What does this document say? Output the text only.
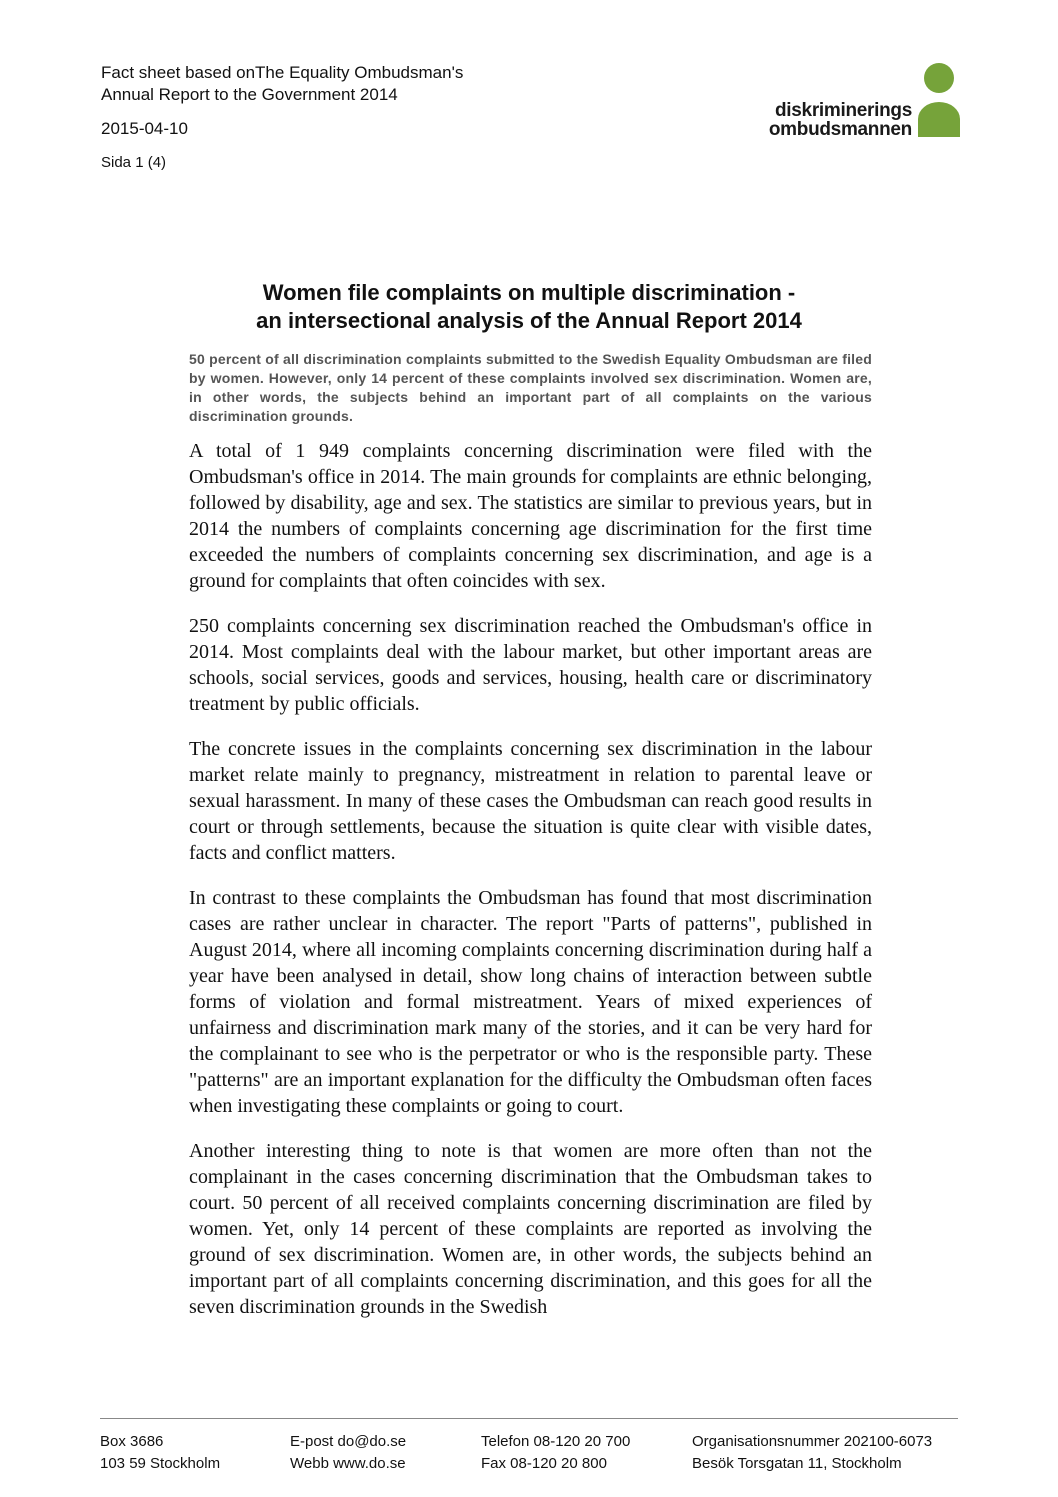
Fact sheet based onThe Equality Ombudsman's
Annual Report to the Government 2014
2015-04-10
Sida 1 (4)
diskriminerings
ombudsmannen
Women file complaints on multiple discrimination -
an intersectional analysis of the Annual Report 2014

50 percent of all discrimination complaints submitted to the Swedish Equality Ombudsman are filed by women. However, only 14 percent of these complaints involved sex discrimination. Women are, in other words, the subjects behind an important part of all complaints on the various discrimination grounds.

A total of 1 949 complaints concerning discrimination were filed with the Ombudsman's office in 2014. The main grounds for complaints are ethnic belonging, followed by disability, age and sex. The statistics are similar to previous years, but in 2014 the numbers of complaints concerning age discrimination for the first time exceeded the numbers of complaints concerning sex discrimination, and age is a ground for complaints that often coincides with sex.

250 complaints concerning sex discrimination reached the Ombudsman's office in 2014. Most complaints deal with the labour market, but other important areas are schools, social services, goods and services, housing, health care or discriminatory treatment by public officials.

The concrete issues in the complaints concerning sex discrimination in the labour market relate mainly to pregnancy, mistreatment in relation to parental leave or sexual harassment. In many of these cases the Ombudsman can reach good results in court or through settlements, because the situation is quite clear with visible dates, facts and conflict matters.

In contrast to these complaints the Ombudsman has found that most discrimination cases are rather unclear in character. The report "Parts of patterns", published in August 2014, where all incoming complaints concerning discrimination during half a year have been analysed in detail, show long chains of interaction between subtle forms of violation and formal mistreatment. Years of mixed experiences of unfairness and discrimination mark many of the stories, and it can be very hard for the complainant to see who is the perpetrator or who is the responsible party. These "patterns" are an important explanation for the difficulty the Ombudsman often faces when investigating these complaints or going to court.

Another interesting thing to note is that women are more often than not the complainant in the cases concerning discrimination that the Ombudsman takes to court. 50 percent of all received complaints concerning discrimination are filed by women. Yet, only 14 percent of these complaints are reported as involving the ground of sex discrimination. Women are, in other words, the subjects behind an important part of all complaints concerning discrimination, and this goes for all the seven discrimination grounds in the Swedish

Box 3686
103 59 Stockholm
E-post do@do.se
Webb www.do.se
Telefon 08-120 20 700
Fax 08-120 20 800
Organisationsnummer 202100-6073
Besök Torsgatan 11, Stockholm
